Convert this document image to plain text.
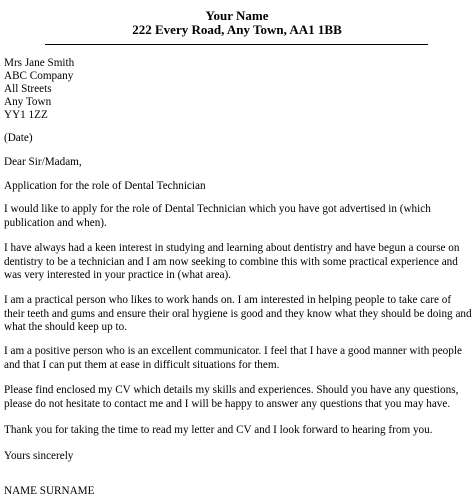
Your Name
222 Every Road, Any Town, AA1 1BB
Mrs Jane Smith
ABC Company
All Streets
Any Town
YY1 1ZZ
(Date)
Dear Sir/Madam,
Application for the role of Dental Technician
I would like to apply for the role of Dental Technician which you have got advertised in (which publication and when).
I have always had a keen interest in studying and learning about dentistry and have begun a course on dentistry to be a technician and I am now seeking to combine this with some practical experience and was very interested in your practice in (what area).
I am a practical person who likes to work hands on. I am interested in helping people to take care of their teeth and gums and ensure their oral hygiene is good and they know what they should be doing and what the should keep up to.
I am a positive person who is an excellent communicator. I feel that I have a good manner with people and that I can put them at ease in difficult situations for them.
Please find enclosed my CV which details my skills and experiences. Should you have any questions, please do not hesitate to contact me and I will be happy to answer any questions that you may have.
Thank you for taking the time to read my letter and CV and I look forward to hearing from you.
Yours sincerely
NAME SURNAME
